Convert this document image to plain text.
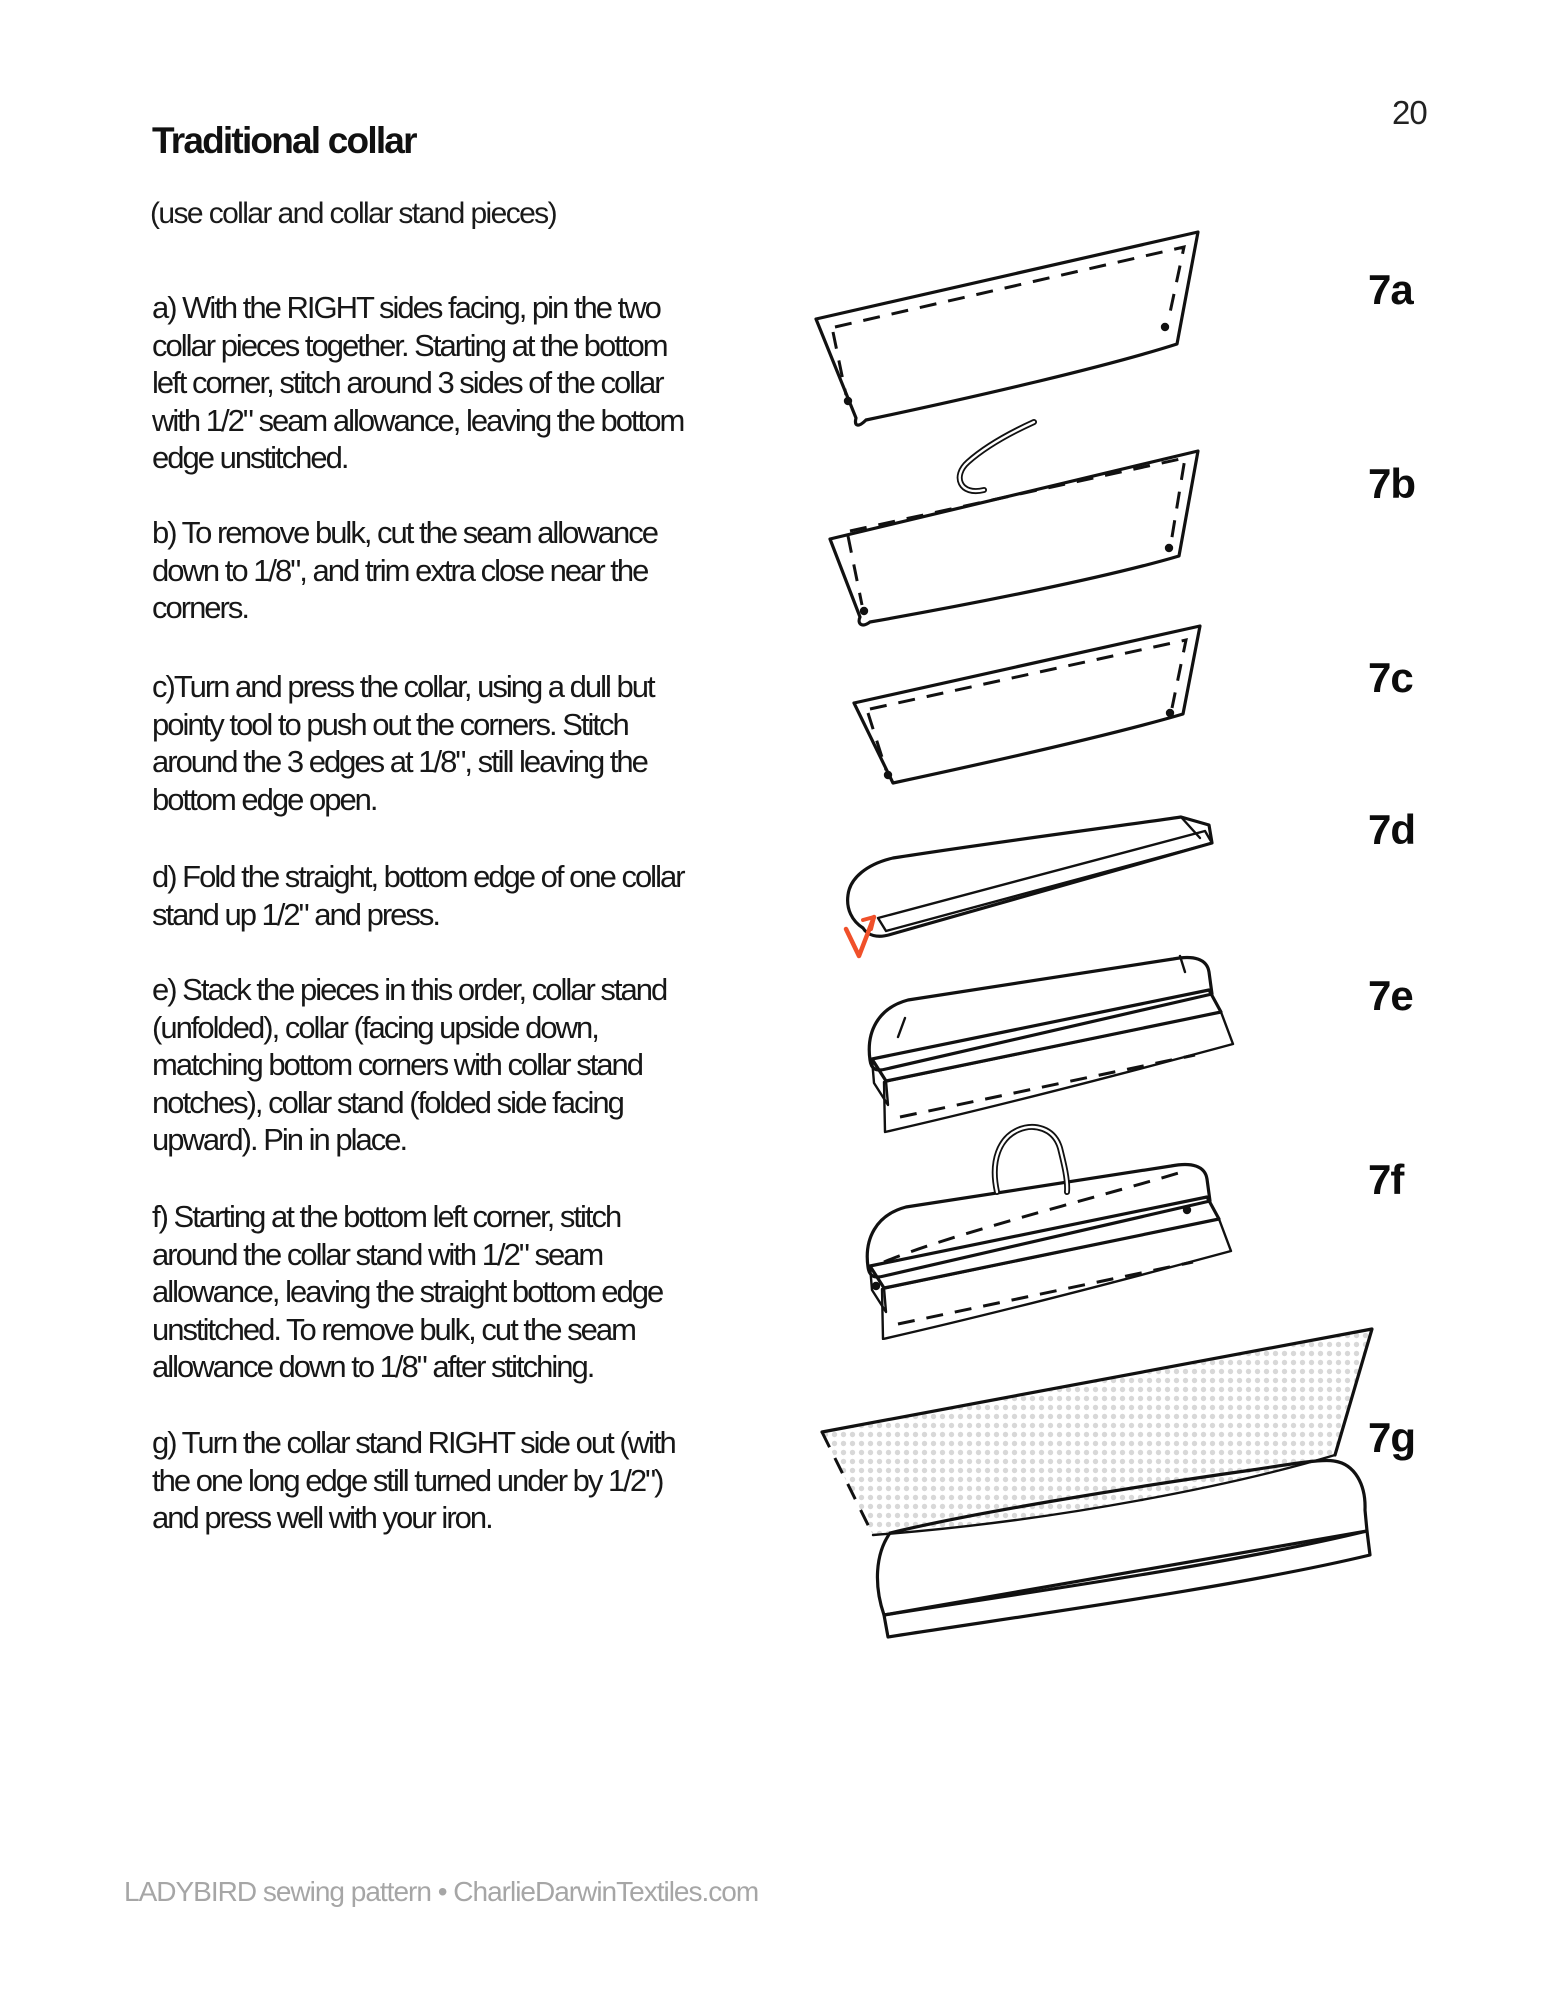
20
Traditional collar
(use collar and collar stand pieces)

a) With the RIGHT sides facing, pin the two collar pieces together. Starting at the bottom left corner, stitch around 3 sides of the collar with 1/2" seam allowance, leaving the bottom edge unstitched.

b) To remove bulk, cut the seam allowance down to 1/8", and trim extra close near the corners.

c)Turn and press the collar, using a dull but pointy tool to push out the corners. Stitch around the 3 edges at 1/8", still leaving the bottom edge open.

d) Fold the straight, bottom edge of one collar stand up 1/2" and press.

e) Stack the pieces in this order, collar stand (unfolded), collar (facing upside down, matching bottom corners with collar stand notches), collar stand (folded side facing upward). Pin in place.

f) Starting at the bottom left corner, stitch around the collar stand with 1/2" seam allowance, leaving the straight bottom edge unstitched. To remove bulk, cut the seam allowance down to 1/8" after stitching.

g) Turn the collar stand RIGHT side out (with the one long edge still turned under by 1/2") and press well with your iron.

7a
7b
7c
7d
7e
7f
7g
LADYBIRD sewing pattern • CharlieDarwinTextiles.com
